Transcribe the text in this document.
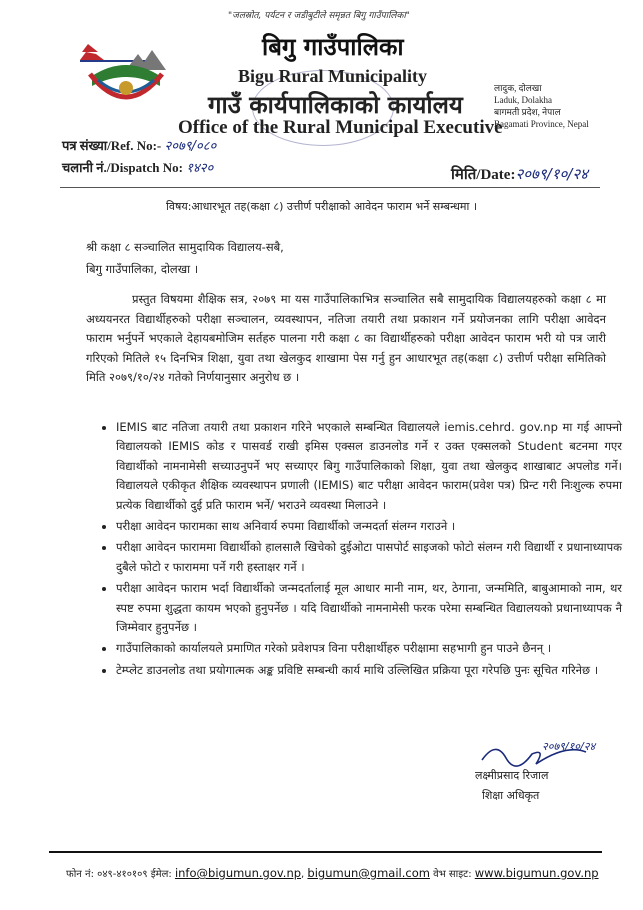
"जलस्रोत, पर्यटन र जडीबुटीले समृन्नत बिगु गाउँपालिका"
बिगु गाउँपालिका
Bigu Rural Municipality
गाउँ कार्यपालिकाको कार्यालय
Office of the Rural Municipal Executive
लादुक, दोलखा
Laduk, Dolakha
बागमती प्रदेश, नेपाल
Bagamati Province, Nepal
पत्र संख्या/Ref. No:- २०७९/०८०
चलानी नं./Dispatch No: १४२०	मिति/Date:२०७९/१०/२४
विषय:आधारभूत तह(कक्षा ८) उत्तीर्ण परीक्षाको आवेदन फाराम भर्ने सम्बन्धमा ।
श्री कक्षा ८ सञ्चालित सामुदायिक विद्यालय-सबै,
बिगु गाउँपालिका, दोलखा ।
प्रस्तुत विषयमा शैक्षिक सत्र, २०७९ मा यस गाउँपालिकाभित्र सञ्चालित सबै सामुदायिक विद्यालयहरुको कक्षा ८ मा अध्ययनरत विद्यार्थीहरुको परीक्षा सञ्चालन, व्यवस्थापन, नतिजा तयारी तथा प्रकाशन गर्ने प्रयोजनका लागि परीक्षा आवेदन फाराम भर्नुपर्ने भएकाले देहायबमोजिम सर्तहरु पालना गरी कक्षा ८ का विद्यार्थीहरुको परीक्षा आवेदन फाराम भरी यो पत्र जारी गरिएको मितिले १५ दिनभित्र शिक्षा, युवा तथा खेलकुद शाखामा पेस गर्नु हुन आधारभूत तह(कक्षा ८) उत्तीर्ण परीक्षा समितिको मिति २०७९/१०/२४ गतेको निर्णयानुसार अनुरोध छ ।
• IEMIS बाट नतिजा तयारी तथा प्रकाशन गरिने भएकाले सम्बन्धित विद्यालयले iemis.cehrd. gov.np मा गई आफ्नो विद्यालयको IEMIS कोड र पासवर्ड राखी इमिस एक्सल डाउनलोड गर्ने र उक्त एक्सलको Student बटनमा गएर विद्यार्थीको नामनामेसी सच्याउनुपर्ने भए सच्याएर बिगु गाउँपालिकाको शिक्षा, युवा तथा खेलकुद शाखाबाट अपलोड गर्ने। विद्यालयले एकीकृत शैक्षिक व्यवस्थापन प्रणाली (IEMIS) बाट परीक्षा आवेदन फाराम(प्रवेश पत्र) प्रिन्ट गरी निःशुल्क रुपमा प्रत्येक विद्यार्थीको दुई प्रति फाराम भर्ने/ भराउने व्यवस्था मिलाउने ।
• परीक्षा आवेदन फारामका साथ अनिवार्य रुपमा विद्यार्थीको जन्मदर्ता संलग्न गराउने ।
• परीक्षा आवेदन फाराममा विद्यार्थीको हालसालै खिचेको दुईओटा पासपोर्ट साइजको फोटो संलग्न गरी विद्यार्थी र प्रधानाध्यापक दुबैले फोटो र फाराममा पर्ने गरी हस्ताक्षर गर्ने ।
• परीक्षा आवेदन फाराम भर्दा विद्यार्थीको जन्मदर्तालाई मूल आधार मानी नाम, थर, ठेगाना, जन्ममिति, बाबुआमाको नाम, थर स्पष्ट रुपमा शुद्धता कायम भएको हुनुपर्नेछ । यदि विद्यार्थीको नामनामेसी फरक परेमा सम्बन्धित विद्यालयको प्रधानाध्यापक नै जिम्मेवार हुनुपर्नेछ ।
• गाउँपालिकाको कार्यालयले प्रमाणित गरेको प्रवेशपत्र विना परीक्षार्थीहरु परीक्षामा सहभागी हुन पाउने छैनन् ।
• टेम्प्लेट डाउनलोड तथा प्रयोगात्मक अङ्क प्रविष्टि सम्बन्धी कार्य माथि उल्लिखित प्रक्रिया पूरा गरेपछि पुनः सूचित गरिनेछ ।
२०७९/१०/२४
लक्ष्मीप्रसाद रिजाल
शिक्षा अधिकृत
फोन नं: ०४९-४१०१०९ ईमेल: info@bigumun.gov.np, bigumun@gmail.com वेभ साइट: www.bigumun.gov.np
